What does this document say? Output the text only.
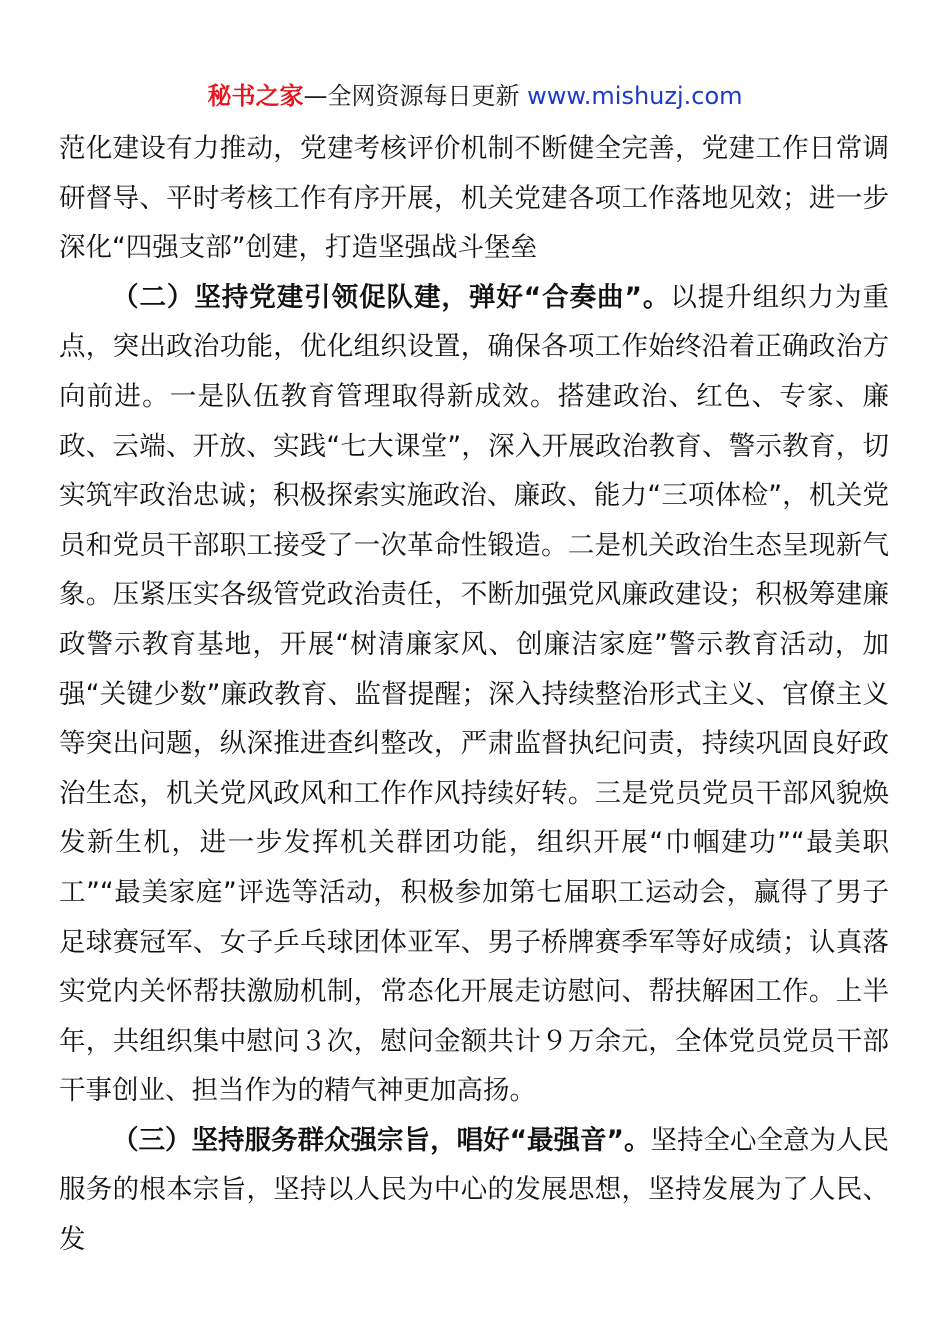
秘书之家—全网资源每日更新 www.mishuzj.com

范化建设有力推动，党建考核评价机制不断健全完善，党建工作日常调研督导、平时考核工作有序开展，机关党建各项工作落地见效；进一步深化“四强支部”创建，打造坚强战斗堡垒

（二）坚持党建引领促队建，弹好“合奏曲”。以提升组织力为重点，突出政治功能，优化组织设置，确保各项工作始终沿着正确政治方向前进。一是队伍教育管理取得新成效。搭建政治、红色、专家、廉政、云端、开放、实践“七大课堂”，深入开展政治教育、警示教育，切实筑牢政治忠诚；积极探索实施政治、廉政、能力“三项体检”，机关党员和党员干部职工接受了一次革命性锻造。二是机关政治生态呈现新气象。压紧压实各级管党政治责任，不断加强党风廉政建设；积极筹建廉政警示教育基地，开展“树清廉家风、创廉洁家庭”警示教育活动，加强“关键少数”廉政教育、监督提醒；深入持续整治形式主义、官僚主义等突出问题，纵深推进查纠整改，严肃监督执纪问责，持续巩固良好政治生态，机关党风政风和工作作风持续好转。三是党员党员干部风貌焕发新生机，进一步发挥机关群团功能，组织开展“巾帼建功”“最美职工”“最美家庭”评选等活动，积极参加第七届职工运动会，赢得了男子足球赛冠军、女子乒乓球团体亚军、男子桥牌赛季军等好成绩；认真落实党内关怀帮扶激励机制，常态化开展走访慰问、帮扶解困工作。上半年，共组织集中慰问３次，慰问金额共计９万余元，全体党员党员干部干事创业、担当作为的精气神更加高扬。

（三）坚持服务群众强宗旨，唱好“最强音”。坚持全心全意为人民服务的根本宗旨，坚持以人民为中心的发展思想，坚持发展为了人民、发
